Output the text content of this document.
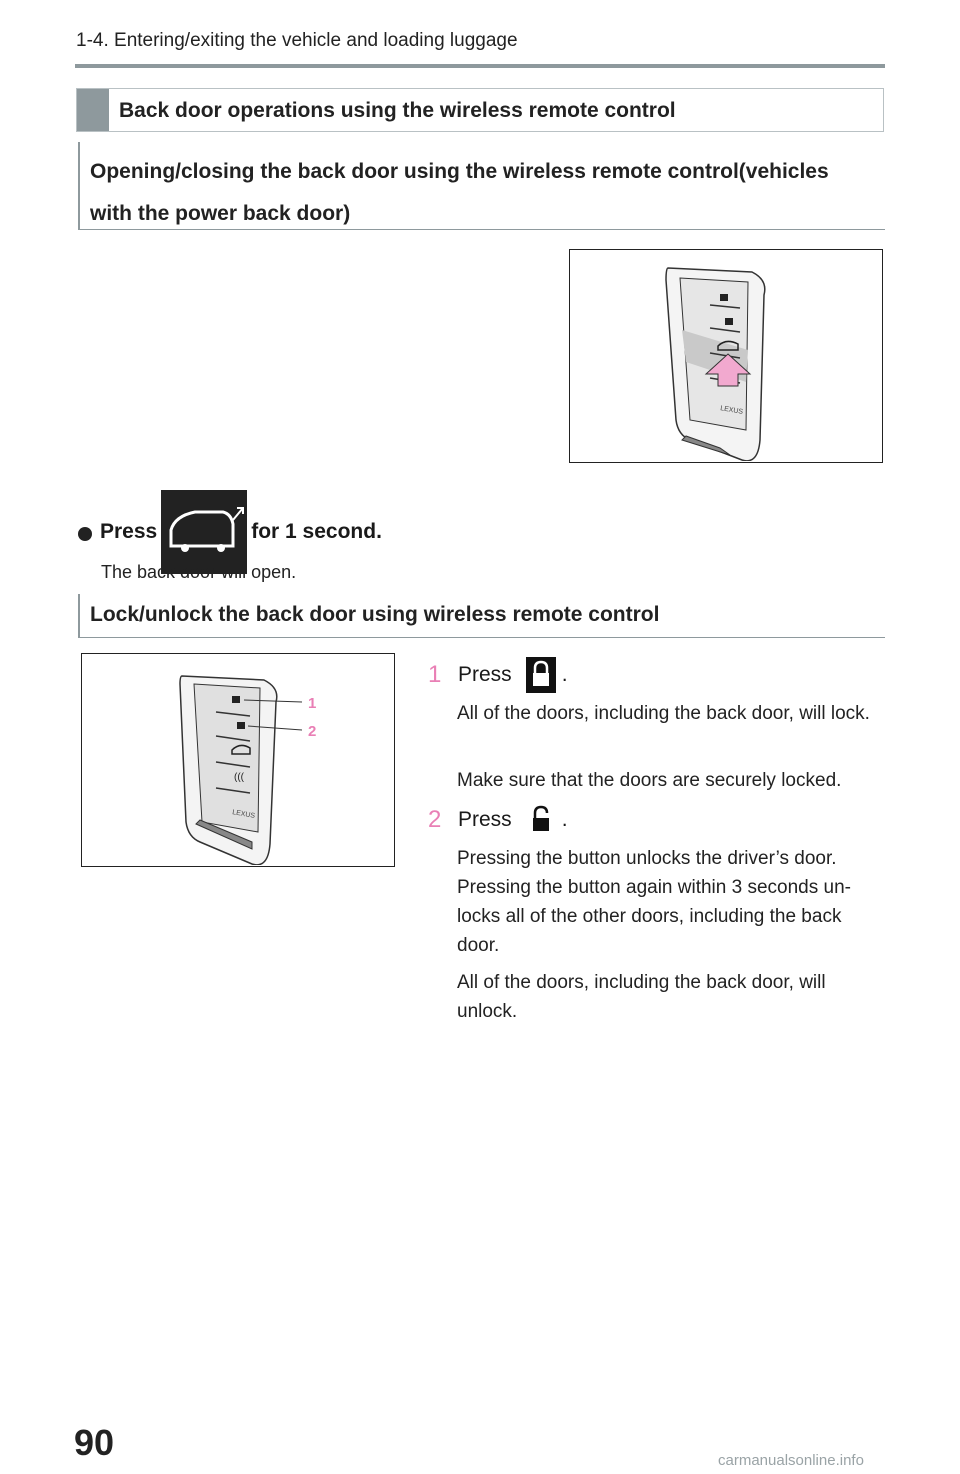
1-4. Entering/exiting the vehicle and loading luggage
Back door operations using the wireless remote control
Opening/closing the back door using the wireless remote control(vehicles with the power back door)
LEXUS
Press	for 1 second.
The back door will open.
Lock/unlock the back door using wireless remote control
(((
LEXUS
1
2
1 Press .
All of the doors, including the back door, will lock.
Make sure that the doors are securely locked.
2 Press .
Pressing the button unlocks the driver’s door. Pressing the button again within 3 seconds un-locks all of the other doors, including the back door.
All of the doors, including the back door, will unlock.
90	carmanualsonline.info
